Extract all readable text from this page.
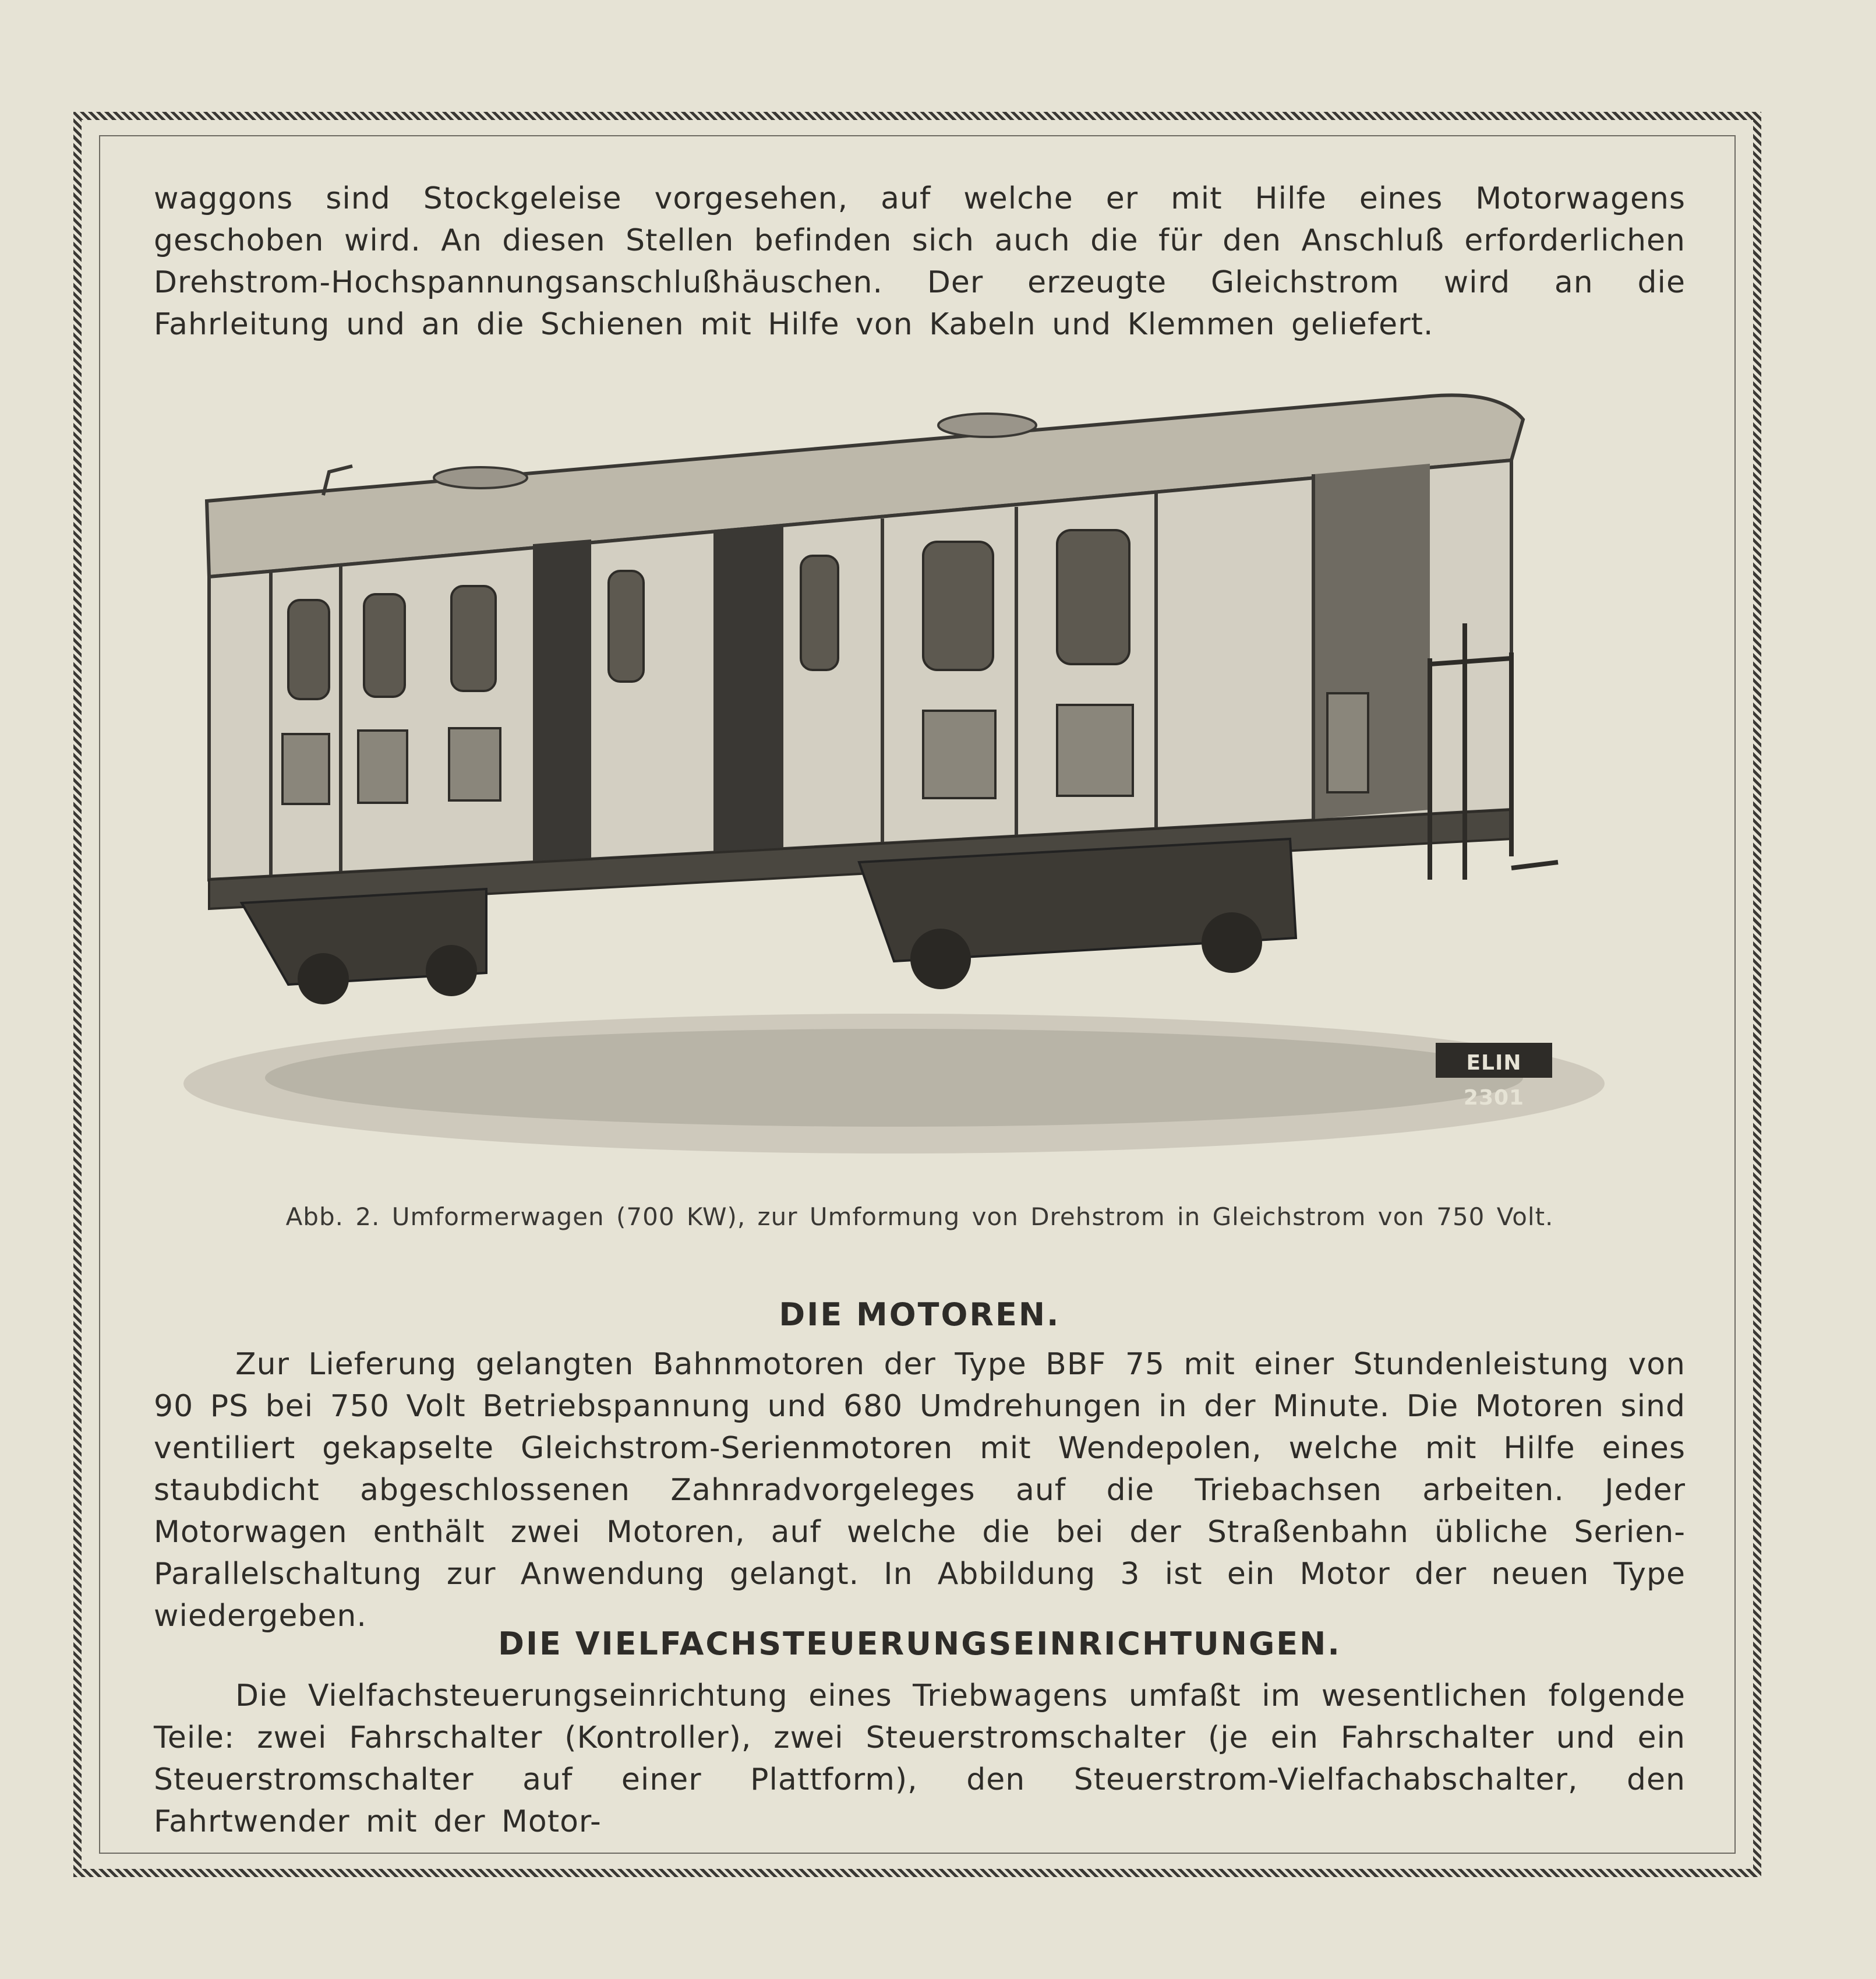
waggons sind Stockgeleise vorgesehen, auf welche er mit Hilfe eines Motorwagens geschoben wird. An diesen Stellen befinden sich auch die für den Anschluß erforderlichen Drehstrom-Hochspannungsanschlußhäuschen. Der erzeugte Gleichstrom wird an die Fahrleitung und an die Schienen mit Hilfe von Kabeln und Klemmen geliefert.

ELIN 2301

Abb. 2. Umformerwagen (700 KW), zur Umformung von Drehstrom in Gleichstrom von 750 Volt.

DIE MOTOREN.

Zur Lieferung gelangten Bahnmotoren der Type BBF 75 mit einer Stundenleistung von 90 PS bei 750 Volt Betriebspannung und 680 Umdrehungen in der Minute. Die Motoren sind ventiliert gekapselte Gleichstrom-Serienmotoren mit Wendepolen, welche mit Hilfe eines staubdicht abgeschlossenen Zahnradvorgeleges auf die Triebachsen arbeiten. Jeder Motorwagen enthält zwei Motoren, auf welche die bei der Straßenbahn übliche Serien-Parallelschaltung zur Anwendung gelangt. In Abbildung 3 ist ein Motor der neuen Type wiedergeben.

DIE VIELFACHSTEUERUNGSEINRICHTUNGEN.

Die Vielfachsteuerungseinrichtung eines Triebwagens umfaßt im wesentlichen folgende Teile: zwei Fahrschalter (Kontroller), zwei Steuerstromschalter (je ein Fahrschalter und ein Steuerstromschalter auf einer Plattform), den Steuerstrom-Vielfachabschalter, den Fahrtwender mit der Motor-
